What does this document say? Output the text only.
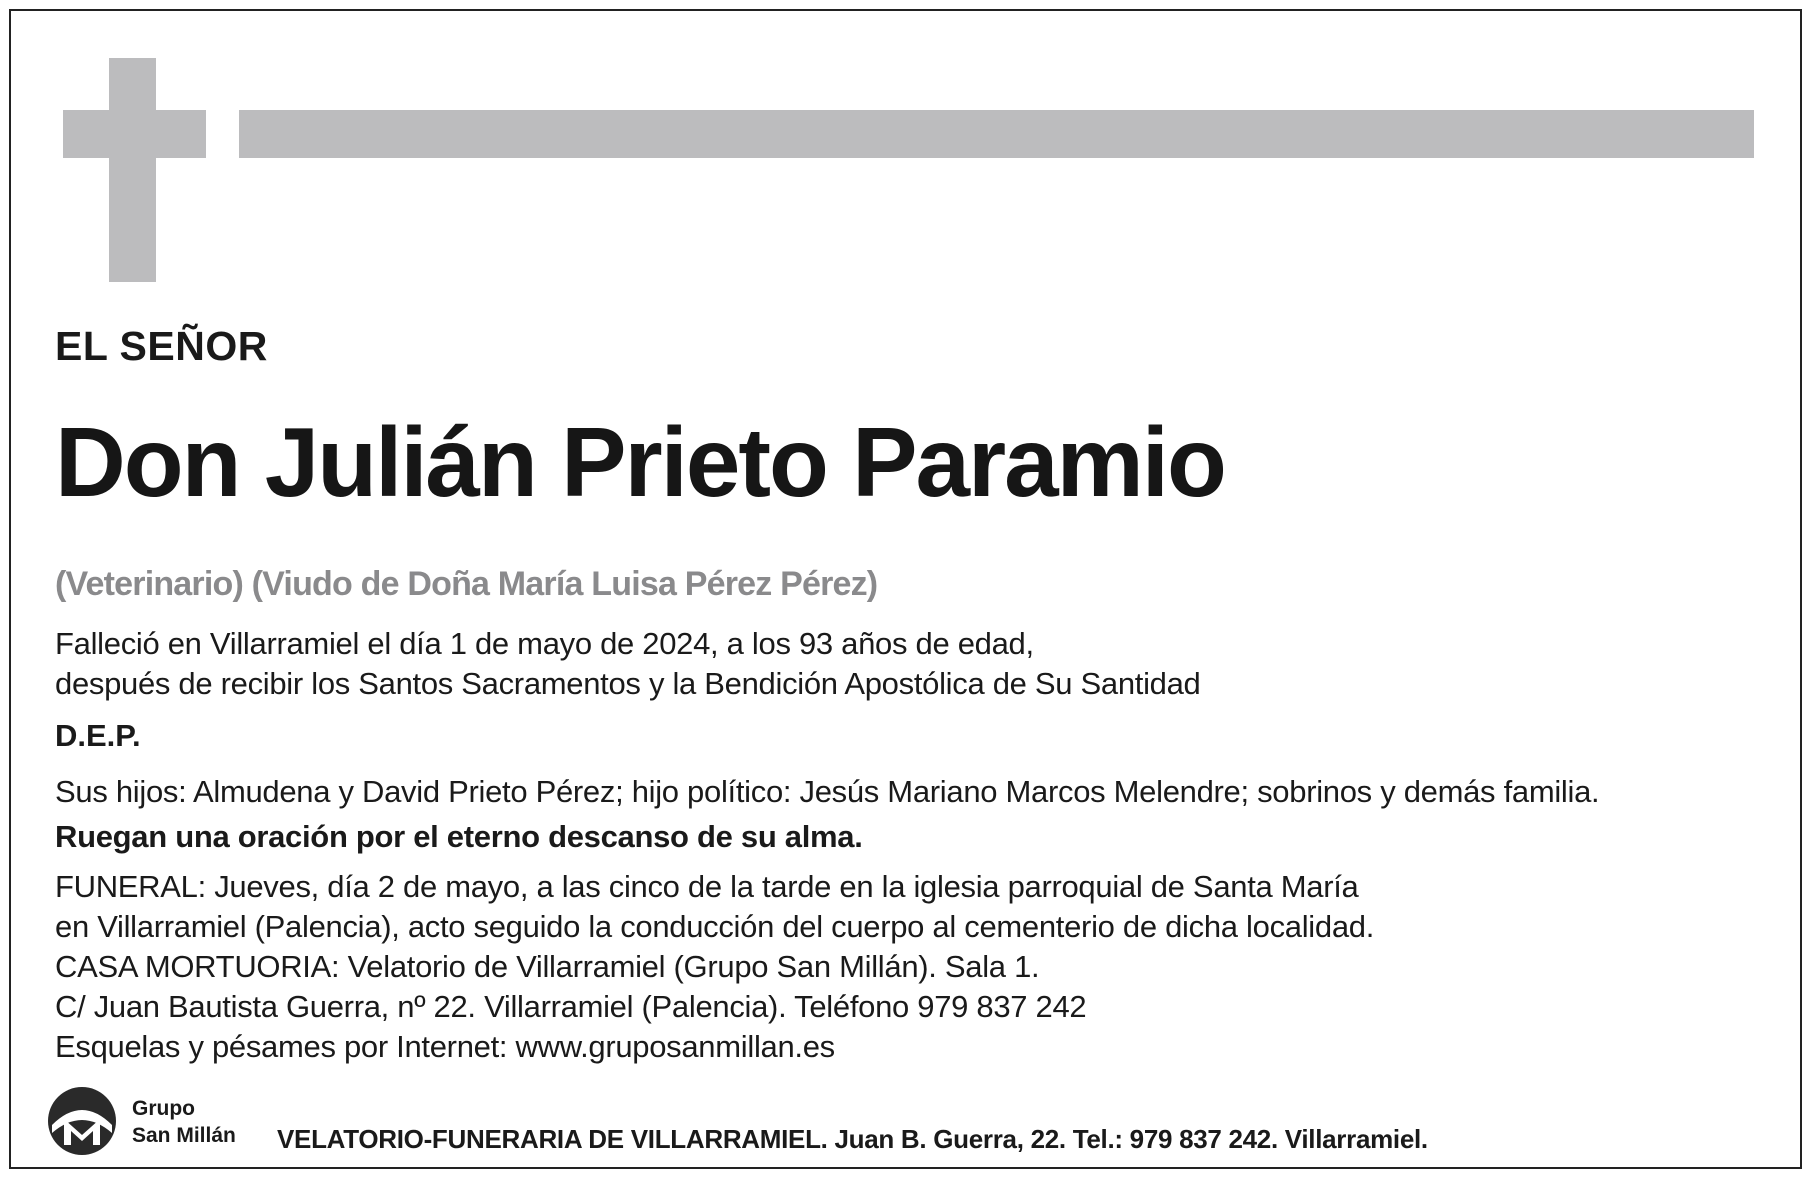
EL SEÑOR
Don Julián Prieto Paramio
(Veterinario) (Viudo de Doña María Luisa Pérez Pérez)
Falleció en Villarramiel el día 1 de mayo de 2024, a los 93 años de edad,
después de recibir los Santos Sacramentos y la Bendición Apostólica de Su Santidad
D.E.P.
Sus hijos: Almudena y David Prieto Pérez; hijo político: Jesús Mariano Marcos Melendre; sobrinos y demás familia.
Ruegan una oración por el eterno descanso de su alma.
FUNERAL: Jueves, día 2 de mayo, a las cinco de la tarde en la iglesia parroquial de Santa María
en Villarramiel (Palencia), acto seguido la conducción del cuerpo al cementerio de dicha localidad.
CASA MORTUORIA: Velatorio de Villarramiel (Grupo San Millán). Sala 1.
C/ Juan Bautista Guerra, nº 22. Villarramiel (Palencia). Teléfono 979 837 242
Esquelas y pésames por Internet: www.gruposanmillan.es
Grupo
San Millán VELATORIO-FUNERARIA DE VILLARRAMIEL. Juan B. Guerra, 22. Tel.: 979 837 242. Villarramiel.
